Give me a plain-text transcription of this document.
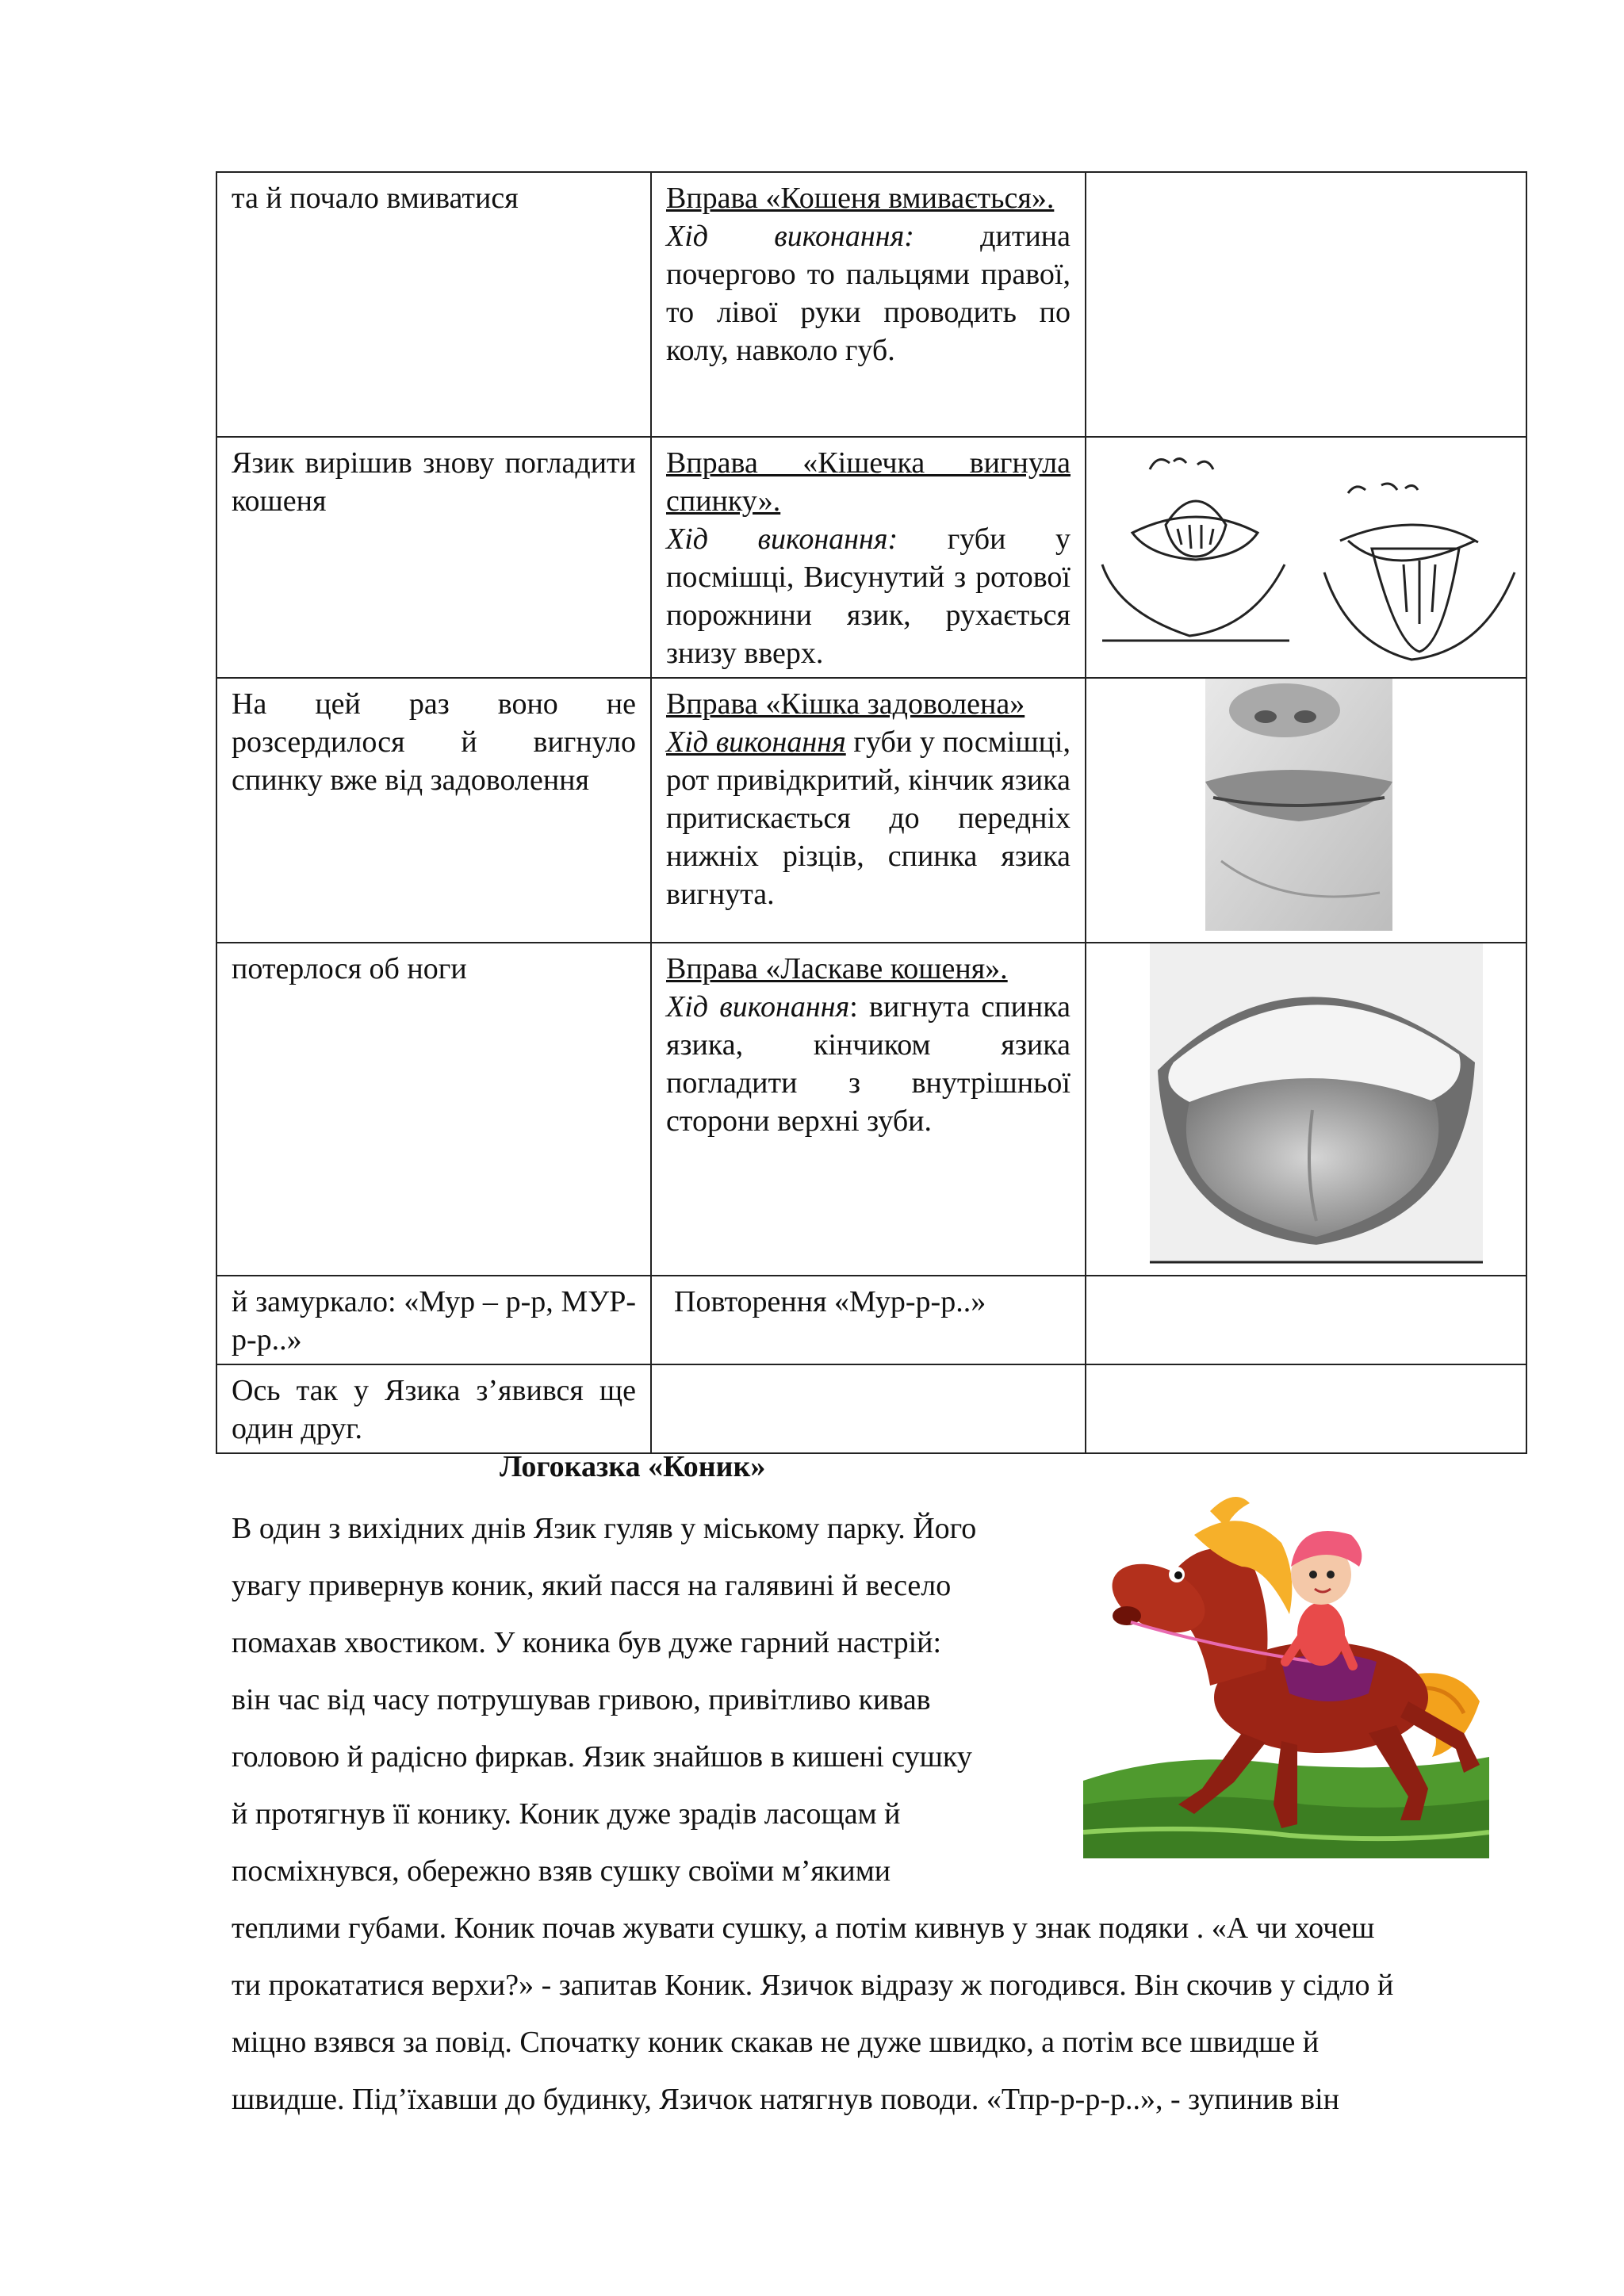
та й почало вмиватися	Вправа «Кошеня вмивається».
Хід виконання: дитина почергово то пальцями правої, то лівої руки проводить по колу, навколо губ.	
Язик вирішив знову погладити кошеня	Вправа «Кішечка вигнула спинку».
Хід виконання: губи у посмішці, Висунутий з ротової порожнини язик, рухається знизу вверх.	
На цей раз воно не розсердилося й вигнуло спинку вже від задоволення	Вправа «Кішка задоволена»
Хід виконання губи у посмішці, рот привідкритий, кінчик язика притискається до передніх нижніх різців, спинка язика вигнута.	
потерлося об ноги	Вправа «Ласкаве кошеня».
Хід виконання: вигнута спинка язика, кінчиком язика погладити з внутрішньої сторони верхні зуби.	
й замуркало: «Мур – р-р, МУР-р-р..»	Повторення «Мур-р-р..»	
Ось так у Язика з’явився ще один друг.		
Логоказка «Коник»

В один з вихідних днів Язик гуляв у міському парку. Його

увагу привернув коник, який пасся на галявині й весело

помахав хвостиком. У коника був дуже гарний настрій:

він час від часу потрушував гривою, привітливо кивав

головою й радісно фиркав. Язик знайшов в кишені сушку

й протягнув її конику. Коник дуже зрадів ласощам й

посміхнувся, обережно взяв сушку своїми м’якими

теплими губами. Коник почав жувати сушку, а потім кивнув у знак подяки . «А чи хочеш

ти прокататися верхи?» - запитав Коник. Язичок відразу ж погодився. Він скочив у сідло й

міцно взявся за повід. Спочатку коник скакав не дуже швидко, а потім все швидше й

швидше. Під’їхавши до будинку, Язичок натягнув поводи. «Тпр-р-р-р..», - зупинив він
